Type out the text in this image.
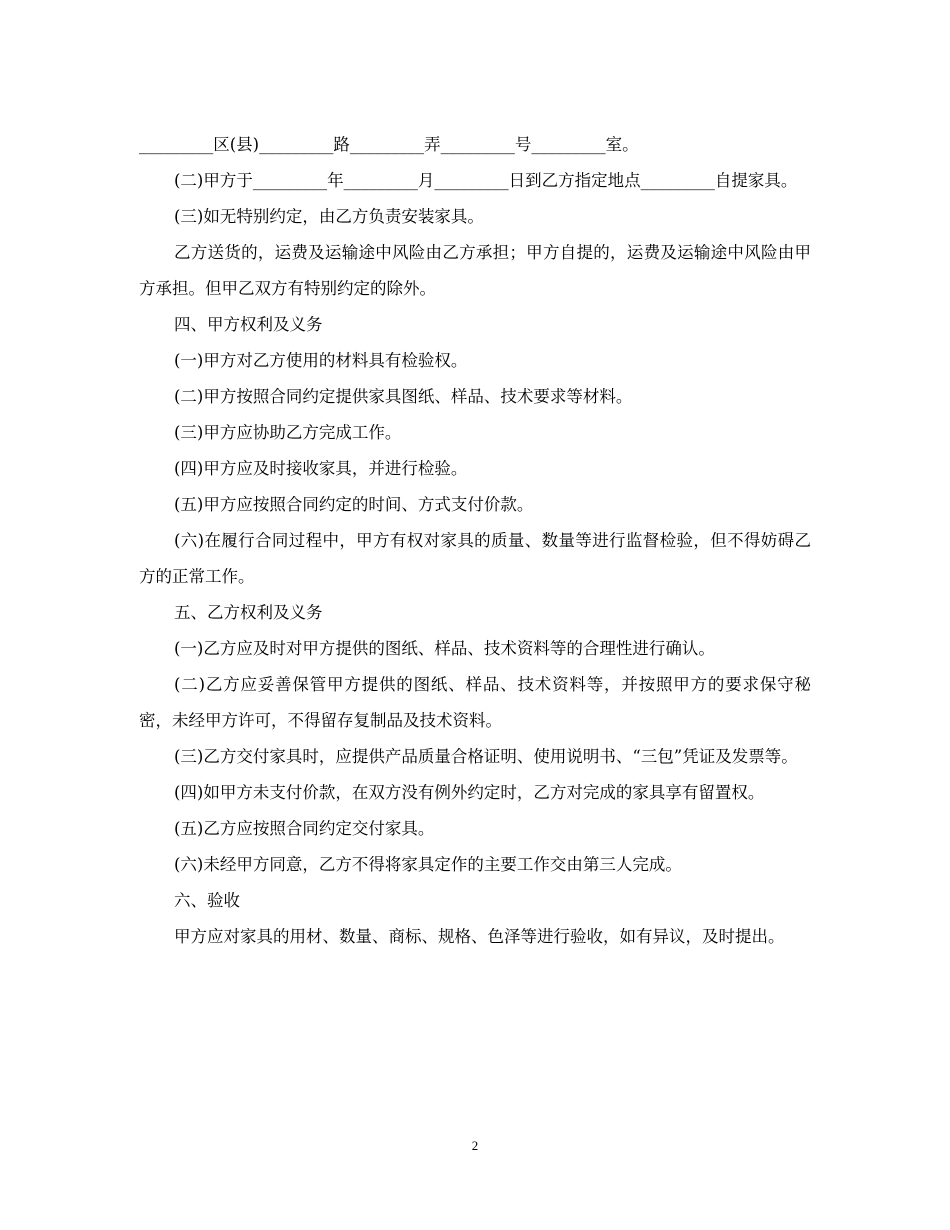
_________区(县)_________路_________弄_________号_________室。

(二)甲方于_________年_________月_________日到乙方指定地点_________自提家具。

(三)如无特别约定，由乙方负责安装家具。

乙方送货的，运费及运输途中风险由乙方承担；甲方自提的，运费及运输途中风险由甲方承担。但甲乙双方有特别约定的除外。

四、甲方权利及义务

(一)甲方对乙方使用的材料具有检验权。

(二)甲方按照合同约定提供家具图纸、样品、技术要求等材料。

(三)甲方应协助乙方完成工作。

(四)甲方应及时接收家具，并进行检验。

(五)甲方应按照合同约定的时间、方式支付价款。

(六)在履行合同过程中，甲方有权对家具的质量、数量等进行监督检验，但不得妨碍乙方的正常工作。

五、乙方权利及义务

(一)乙方应及时对甲方提供的图纸、样品、技术资料等的合理性进行确认。

(二)乙方应妥善保管甲方提供的图纸、样品、技术资料等，并按照甲方的要求保守秘密，未经甲方许可，不得留存复制品及技术资料。

(三)乙方交付家具时，应提供产品质量合格证明、使用说明书、“三包”凭证及发票等。

(四)如甲方未支付价款，在双方没有例外约定时，乙方对完成的家具享有留置权。

(五)乙方应按照合同约定交付家具。

(六)未经甲方同意，乙方不得将家具定作的主要工作交由第三人完成。

六、验收

甲方应对家具的用材、数量、商标、规格、色泽等进行验收，如有异议，及时提出。

2
